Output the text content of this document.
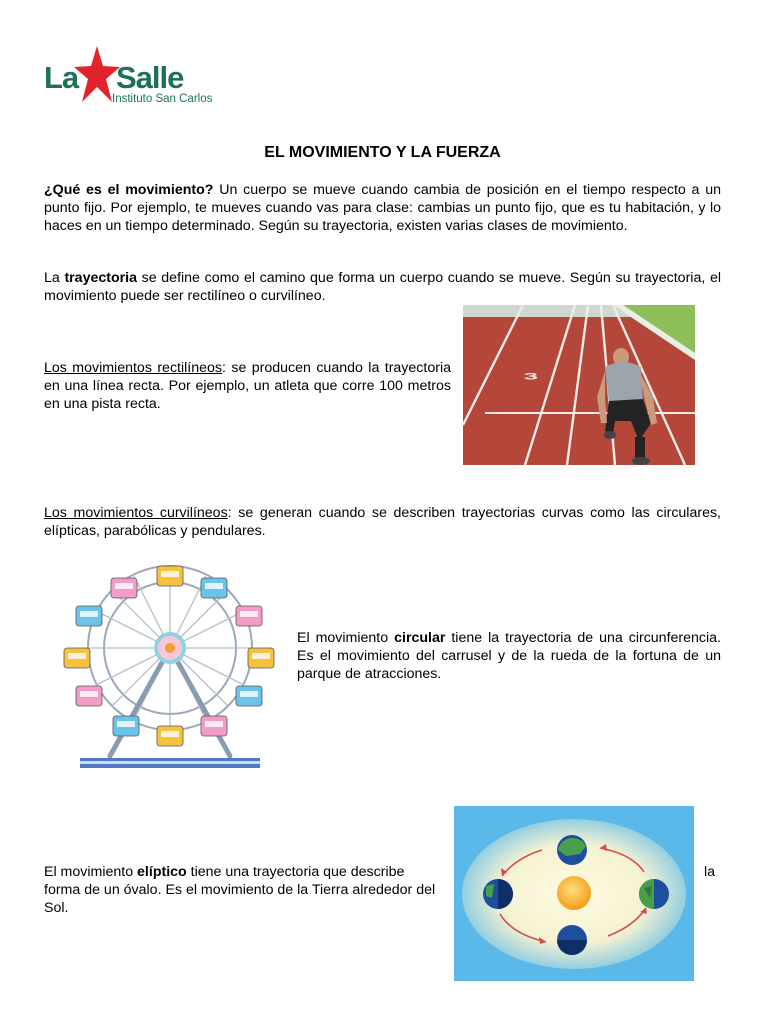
La Salle
Instituto San Carlos
EL MOVIMIENTO Y LA FUERZA
¿Qué es el movimiento? Un cuerpo se mueve cuando cambia de posición en el tiempo respecto a un punto fijo. Por ejemplo, te mueves cuando vas para clase: cambias un punto fijo, que es tu habitación, y lo haces en un tiempo determinado. Según su trayectoria, existen varias clases de movimiento.
La trayectoria se define como el camino que forma un cuerpo cuando se mueve. Según su trayectoria, el movimiento puede ser rectilíneo o curvilíneo.
Los movimientos rectilíneos: se producen cuando la trayectoria en una línea recta. Por ejemplo, un atleta que corre 100 metros en una pista recta.
3
Los movimientos curvilíneos: se generan cuando se describen trayectorias curvas como las circulares, elípticas, parabólicas y pendulares.
El movimiento circular tiene la trayectoria de una circunferencia. Es el movimiento del carrusel y de la rueda de la fortuna de un parque de atracciones.
El movimiento elíptico tiene una trayectoria que describe	la
forma de un óvalo. Es el movimiento de la Tierra alrededor del Sol.
